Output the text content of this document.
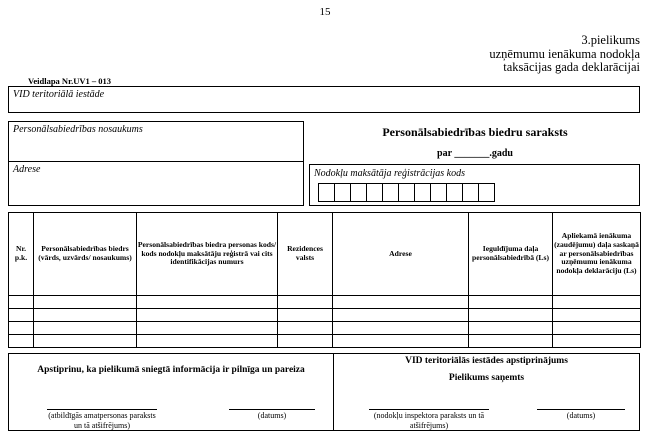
15
3.pielikums
uzņēmumu ienākuma nodokļa
taksācijas gada deklarācijai
Veidlapa Nr.UV1 – 013
VID teritoriālā iestāde
Personālsabiedrības nosaukums
Adrese
Personālsabiedrības biedru saraksts
par _______.gadu
Nodokļu maksātāja reģistrācijas kods
Nr. p.k.	Personālsabiedrības biedrs (vārds, uzvārds/ nosaukums)	Personālsabiedrības biedra personas kods/ kods nodokļu maksātāju reģistrā vai cits identifikācijas numurs	Rezidences valsts	Adrese	Ieguldījuma daļa personālsabiedrībā (Ls)	Apliekamā ienākuma (zaudējumu) daļa saskaņā ar personālsabiedrības uzņēmumu ienākuma nodokļa deklarāciju (Ls)

Apstiprinu, ka pielikumā sniegtā informācija ir pilnīga un pareiza
(atbildīgās amatpersonas paraksts un tā atšifrējums)
(datums)
VID teritoriālās iestādes apstiprinājums
Pielikums saņemts
(nodokļu inspektora paraksts un tā atšifrējums)
(datums)
